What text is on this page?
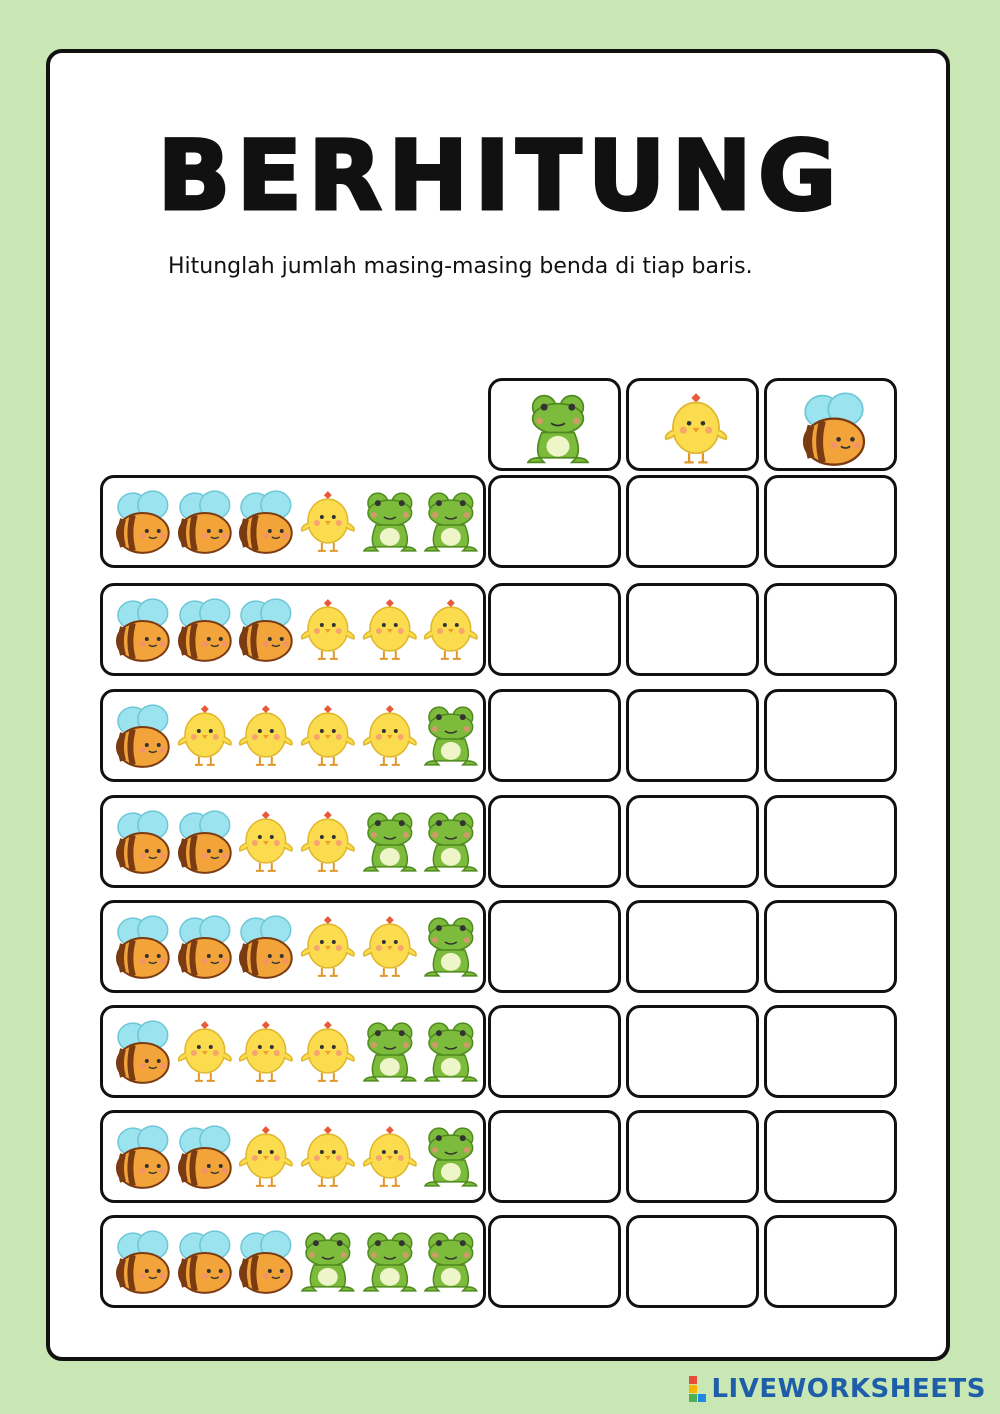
BERHITUNG
Hitunglah jumlah masing-masing benda di tiap baris.
LIVEWORKSHEETS
